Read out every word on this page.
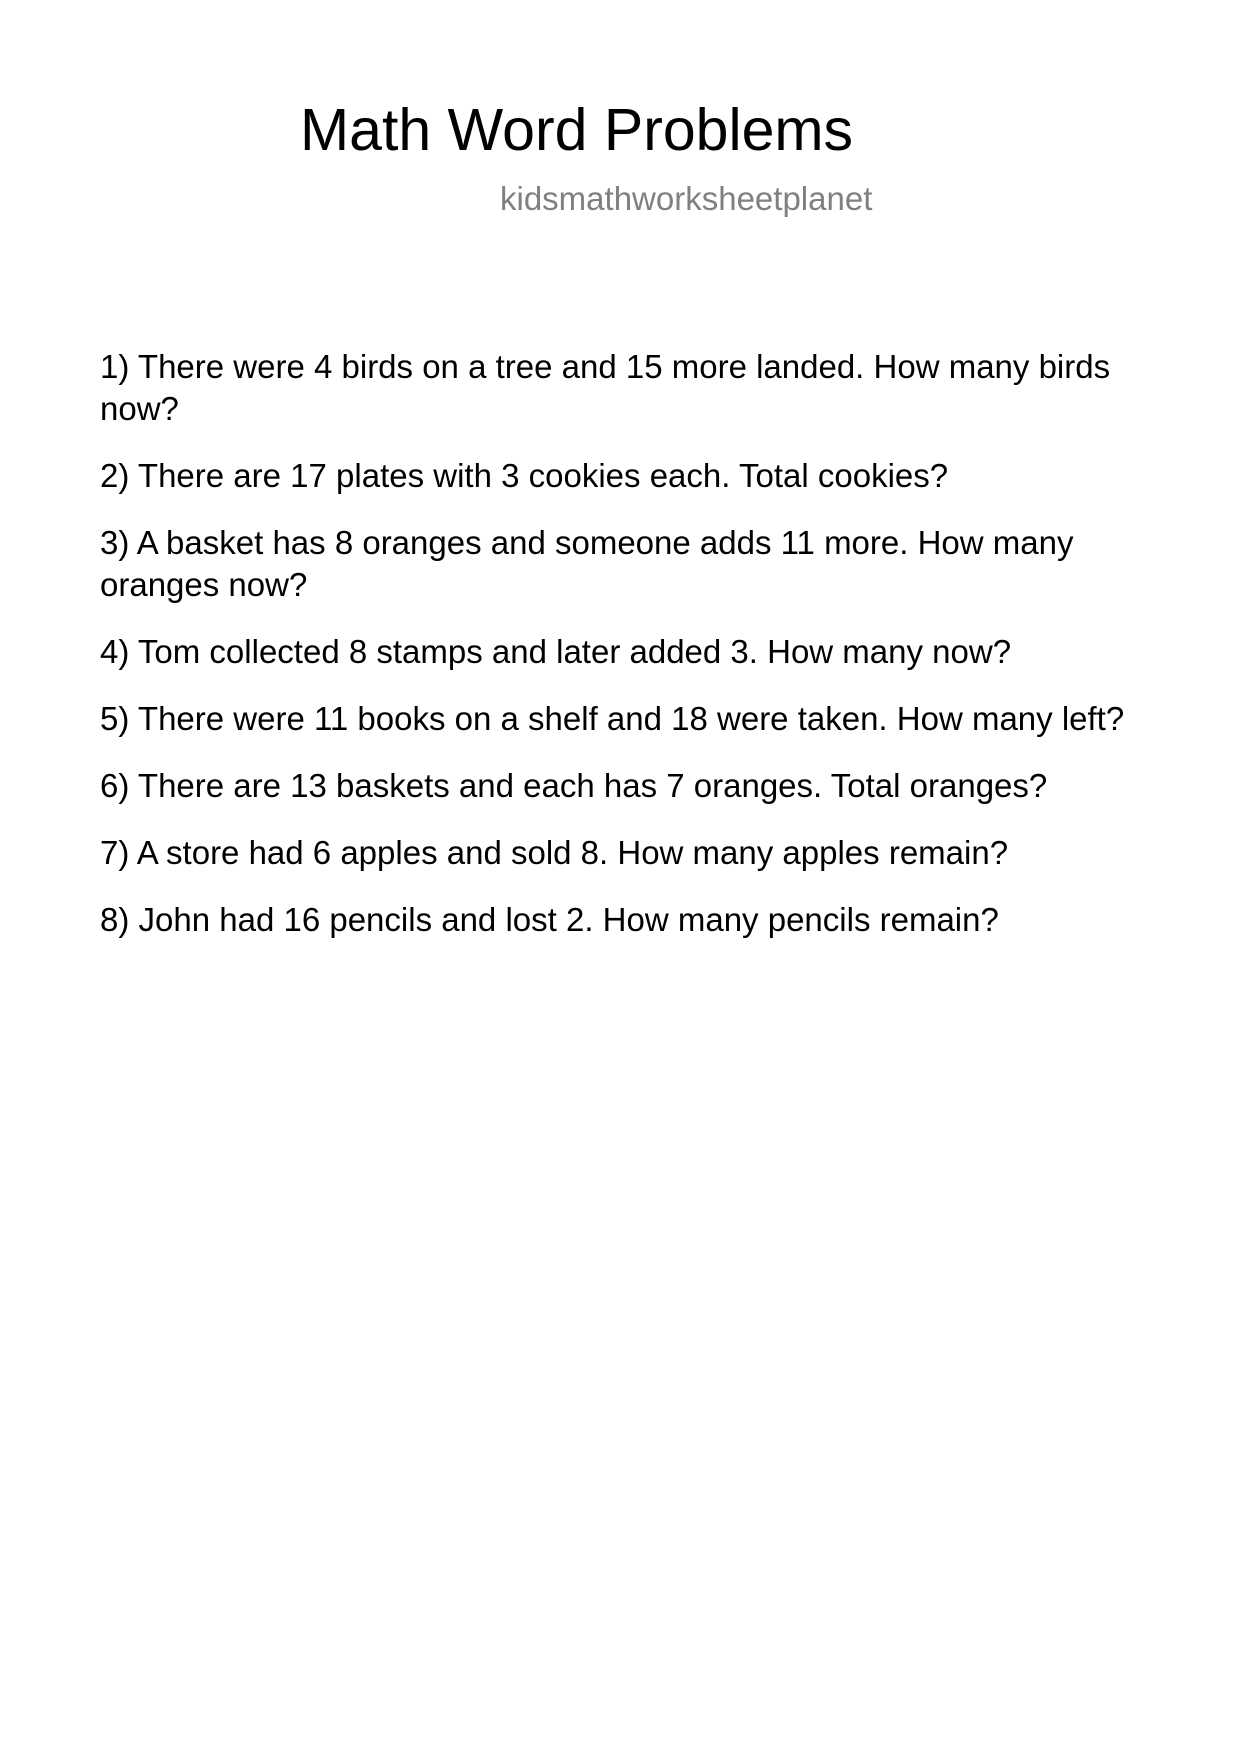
Math Word Problems
kidsmathworksheetplanet
1) There were 4 birds on a tree and 15 more landed. How many birds now?
2) There are 17 plates with 3 cookies each. Total cookies?
3) A basket has 8 oranges and someone adds 11 more. How many oranges now?
4) Tom collected 8 stamps and later added 3. How many now?
5) There were 11 books on a shelf and 18 were taken. How many left?
6) There are 13 baskets and each has 7 oranges. Total oranges?
7) A store had 6 apples and sold 8. How many apples remain?
8) John had 16 pencils and lost 2. How many pencils remain?
